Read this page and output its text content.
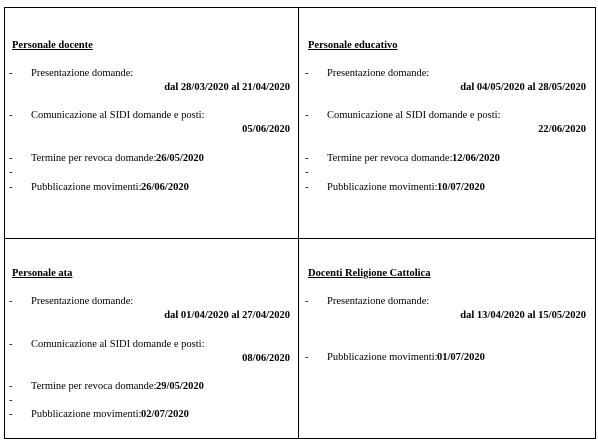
Personale docente
- Presentazione domande:
dal 28/03/2020 al 21/04/2020
- Comunicazione al SIDI domande e posti:
05/06/2020
- Termine per revoca domande: 26/05/2020
-
- Pubblicazione movimenti: 26/06/2020
Personale educativo
- Presentazione domande:
dal 04/05/2020 al 28/05/2020
- Comunicazione al SIDI domande e posti:
22/06/2020
- Termine per revoca domande: 12/06/2020
-
- Pubblicazione movimenti: 10/07/2020
Personale ata
- Presentazione domande:
dal 01/04/2020 al 27/04/2020
- Comunicazione al SIDI domande e posti:
08/06/2020
- Termine per revoca domande: 29/05/2020
-
- Pubblicazione movimenti: 02/07/2020
Docenti Religione Cattolica
- Presentazione domande:
dal 13/04/2020 al 15/05/2020
- Pubblicazione movimenti: 01/07/2020
